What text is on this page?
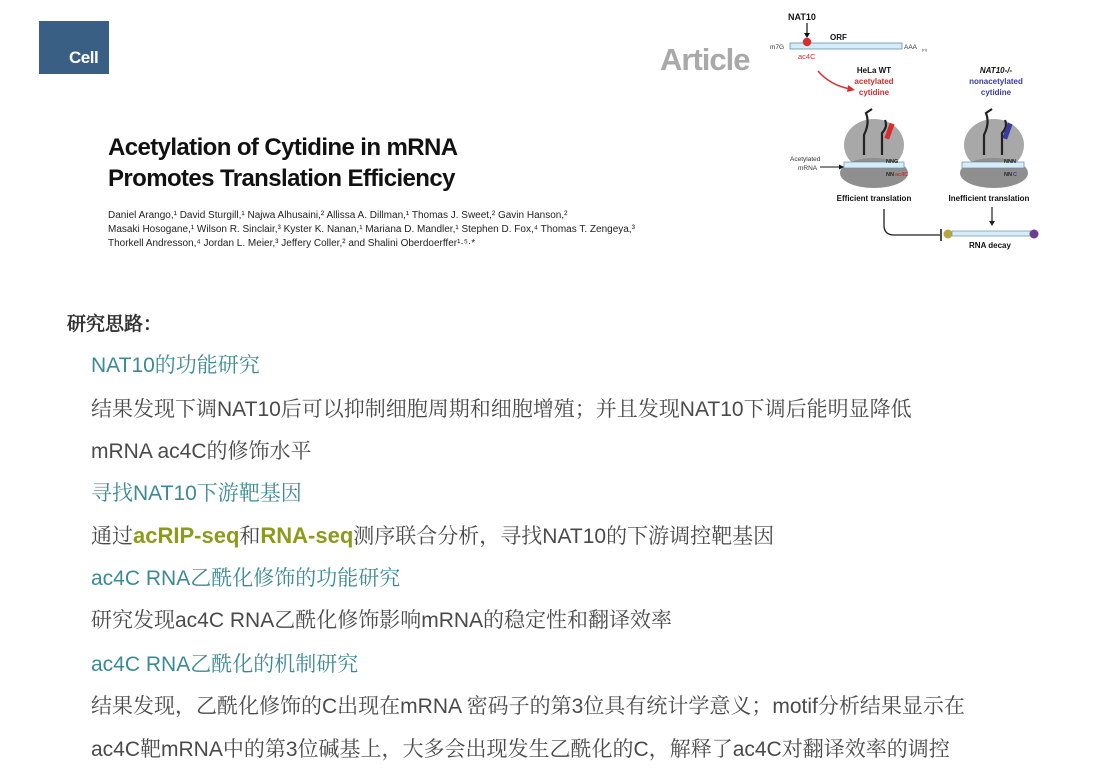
Cell	Article
Acetylation of Cytidine in mRNA
Promotes Translation Efficiency
Daniel Arango,¹ David Sturgill,¹ Najwa Alhusaini,² Allissa A. Dillman,¹ Thomas J. Sweet,² Gavin Hanson,²
Masaki Hosogane,¹ Wilson R. Sinclair,³ Kyster K. Nanan,¹ Mariana D. Mandler,¹ Stephen D. Fox,⁴ Thomas T. Zengeya,³
Thorkell Andresson,⁴ Jordan L. Meier,³ Jeffery Coller,² and Shalini Oberdoerffer¹·⁵·*
NAT10
m7G
ORF
AAA (n)
ac4C
HeLa WT
acetylated
cytidine
NAT10-/-
nonacetylated
cytidine
NNG
NN ac4C
Acetylated
mRNA
NNN
NN C
Efficient translation	Inefficient translation
RNA decay
研究思路：
NAT10的功能研究
结果发现下调NAT10后可以抑制细胞周期和细胞增殖；并且发现NAT10下调后能明显降低
mRNA ac4C的修饰水平
寻找NAT10下游靶基因
通过acRIP-seq和RNA-seq测序联合分析，寻找NAT10的下游调控靶基因
ac4C RNA乙酰化修饰的功能研究
研究发现ac4C RNA乙酰化修饰影响mRNA的稳定性和翻译效率
ac4C RNA乙酰化的机制研究
结果发现，乙酰化修饰的C出现在mRNA 密码子的第3位具有统计学意义；motif分析结果显示在
ac4C靶mRNA中的第3位碱基上，大多会出现发生乙酰化的C，解释了ac4C对翻译效率的调控
